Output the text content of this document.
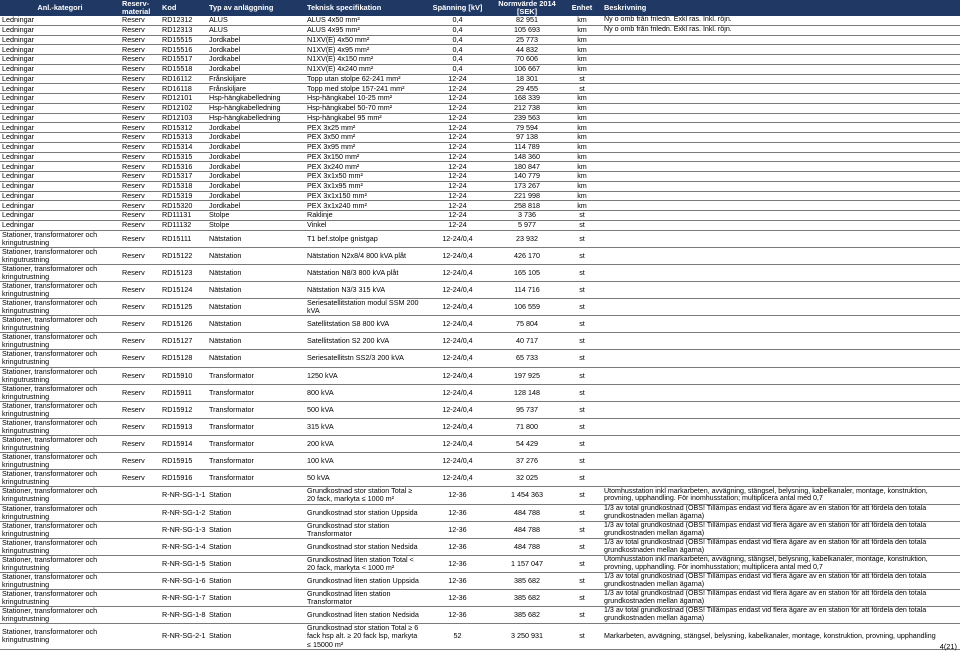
Anl.-kategori	Reserv-material	Kod	Typ av anläggning	Teknisk specifikation	Spänning [kV]	Normvärde 2014 [SEK]	Enhet	Beskrivning
Ledningar	Reserv	RD12312	ALUS	ALUS 4x50 mm²	0,4	82 951	km	Ny o omb från friledn. Exkl ras. Inkl. röjn.
Ledningar	Reserv	RD12313	ALUS	ALUS 4x95 mm²	0,4	105 693	km	Ny o omb från friledn. Exkl ras. Inkl. röjn.
Ledningar	Reserv	RD15515	Jordkabel	N1XV(E) 4x50 mm²	0,4	25 773	km	
Ledningar	Reserv	RD15516	Jordkabel	N1XV(E) 4x95 mm²	0,4	44 832	km	
Ledningar	Reserv	RD15517	Jordkabel	N1XV(E) 4x150 mm²	0,4	70 606	km	
Ledningar	Reserv	RD15518	Jordkabel	N1XV(E) 4x240 mm²	0,4	106 667	km	
Ledningar	Reserv	RD16112	Frånskiljare	Topp utan stolpe 62-241 mm²	12-24	18 301	st	
Ledningar	Reserv	RD16118	Frånskiljare	Topp med stolpe 157-241 mm²	12-24	29 455	st	
Ledningar	Reserv	RD12101	Hsp-hängkabelledning	Hsp-hängkabel 10-25 mm²	12-24	168 339	km	
Ledningar	Reserv	RD12102	Hsp-hängkabelledning	Hsp-hängkabel 50-70 mm²	12-24	212 738	km	
Ledningar	Reserv	RD12103	Hsp-hängkabelledning	Hsp-hängkabel 95 mm²	12-24	239 563	km	
Ledningar	Reserv	RD15312	Jordkabel	PEX 3x25 mm²	12-24	79 594	km	
Ledningar	Reserv	RD15313	Jordkabel	PEX 3x50 mm²	12-24	97 138	km	
Ledningar	Reserv	RD15314	Jordkabel	PEX 3x95 mm²	12-24	114 789	km	
Ledningar	Reserv	RD15315	Jordkabel	PEX 3x150 mm²	12-24	148 360	km	
Ledningar	Reserv	RD15316	Jordkabel	PEX 3x240 mm²	12-24	180 847	km	
Ledningar	Reserv	RD15317	Jordkabel	PEX 3x1x50 mm²	12-24	140 779	km	
Ledningar	Reserv	RD15318	Jordkabel	PEX 3x1x95 mm²	12-24	173 267	km	
Ledningar	Reserv	RD15319	Jordkabel	PEX 3x1x150 mm²	12-24	221 998	km	
Ledningar	Reserv	RD15320	Jordkabel	PEX 3x1x240 mm²	12-24	258 818	km	
Ledningar	Reserv	RD11131	Stolpe	Raklinje	12-24	3 736	st	
Ledningar	Reserv	RD11132	Stolpe	Vinkel	12-24	5 977	st	
Stationer, transformatorer och kringutrustning	Reserv	RD15111	Nätstation	T1 bef.stolpe gnistgap	12-24/0,4	23 932	st	
Stationer, transformatorer och kringutrustning	Reserv	RD15122	Nätstation	Nätstation N2x8/4 800 kVA plåt	12-24/0,4	426 170	st	
Stationer, transformatorer och kringutrustning	Reserv	RD15123	Nätstation	Nätstation N8/3 800 kVA plåt	12-24/0,4	165 105	st	
Stationer, transformatorer och kringutrustning	Reserv	RD15124	Nätstation	Nätstation N3/3 315 kVA	12-24/0,4	114 716	st	
Stationer, transformatorer och kringutrustning	Reserv	RD15125	Nätstation	Seriesatellitstation modul SSM 200 kVA	12-24/0,4	106 559	st	
Stationer, transformatorer och kringutrustning	Reserv	RD15126	Nätstation	Satellitstation S8 800 kVA	12-24/0,4	75 804	st	
Stationer, transformatorer och kringutrustning	Reserv	RD15127	Nätstation	Satellitstation S2 200 kVA	12-24/0,4	40 717	st	
Stationer, transformatorer och kringutrustning	Reserv	RD15128	Nätstation	Seriesatellitstn SS2/3 200 kVA	12-24/0,4	65 733	st	
Stationer, transformatorer och kringutrustning	Reserv	RD15910	Transformator	1250 kVA	12-24/0,4	197 925	st	
Stationer, transformatorer och kringutrustning	Reserv	RD15911	Transformator	800 kVA	12-24/0,4	128 148	st	
Stationer, transformatorer och kringutrustning	Reserv	RD15912	Transformator	500 kVA	12-24/0,4	95 737	st	
Stationer, transformatorer och kringutrustning	Reserv	RD15913	Transformator	315 kVA	12-24/0,4	71 800	st	
Stationer, transformatorer och kringutrustning	Reserv	RD15914	Transformator	200 kVA	12-24/0,4	54 429	st	
Stationer, transformatorer och kringutrustning	Reserv	RD15915	Transformator	100 kVA	12-24/0,4	37 276	st	
Stationer, transformatorer och kringutrustning	Reserv	RD15916	Transformator	50 kVA	12-24/0,4	32 025	st	
Stationer, transformatorer och kringutrustning		R-NR-SG-1-1	Station	Grundkostnad stor station Total ≥ 20 fack, markyta ≤ 1000 m²	12-36	1 454 363	st	Utomhusstation inkl markarbeten, avvägning, stängsel, belysning, kabelkanaler, montage, konstruktion, provning, upphandling. För inomhusstation; multiplicera antal med 0,7
Stationer, transformatorer och kringutrustning		R-NR-SG-1-2	Station	Grundkostnad stor station Uppsida	12-36	484 788	st	1/3 av total grundkostnad (OBS! Tillämpas endast vid flera ägare av en station för att fördela den totala grundkostnaden mellan ägarna)
Stationer, transformatorer och kringutrustning		R-NR-SG-1-3	Station	Grundkostnad stor station Transformator	12-36	484 788	st	1/3 av total grundkostnad (OBS! Tillämpas endast vid flera ägare av en station för att fördela den totala grundkostnaden mellan ägarna)
Stationer, transformatorer och kringutrustning		R-NR-SG-1-4	Station	Grundkostnad stor station Nedsida	12-36	484 788	st	1/3 av total grundkostnad (OBS! Tillämpas endast vid flera ägare av en station för att fördela den totala grundkostnaden mellan ägarna)
Stationer, transformatorer och kringutrustning		R-NR-SG-1-5	Station	Grundkostnad liten station Total < 20 fack, markyta < 1000 m²	12-36	1 157 047	st	Utomhusstation inkl markarbeten, avvägning, stängsel, belysning, kabelkanaler, montage, konstruktion, provning, upphandling. För inomhusstation; multiplicera antal med 0,7
Stationer, transformatorer och kringutrustning		R-NR-SG-1-6	Station	Grundkostnad liten station Uppsida	12-36	385 682	st	1/3 av total grundkostnad (OBS! Tillämpas endast vid flera ägare av en station för att fördela den totala grundkostnaden mellan ägarna)
Stationer, transformatorer och kringutrustning		R-NR-SG-1-7	Station	Grundkostnad liten station Transformator	12-36	385 682	st	1/3 av total grundkostnad (OBS! Tillämpas endast vid flera ägare av en station för att fördela den totala grundkostnaden mellan ägarna)
Stationer, transformatorer och kringutrustning		R-NR-SG-1-8	Station	Grundkostnad liten station Nedsida	12-36	385 682	st	1/3 av total grundkostnad (OBS! Tillämpas endast vid flera ägare av en station för att fördela den totala grundkostnaden mellan ägarna)
Stationer, transformatorer och kringutrustning		R-NR-SG-2-1	Station	Grundkostnad stor station Total ≥ 6 fack hsp alt. ≥ 20 fack lsp, markyta ≤ 15000 m²	52	3 250 931	st	Markarbeten, avvägning, stängsel, belysning, kabelkanaler, montage, konstruktion, provning, upphandling
4(21)
